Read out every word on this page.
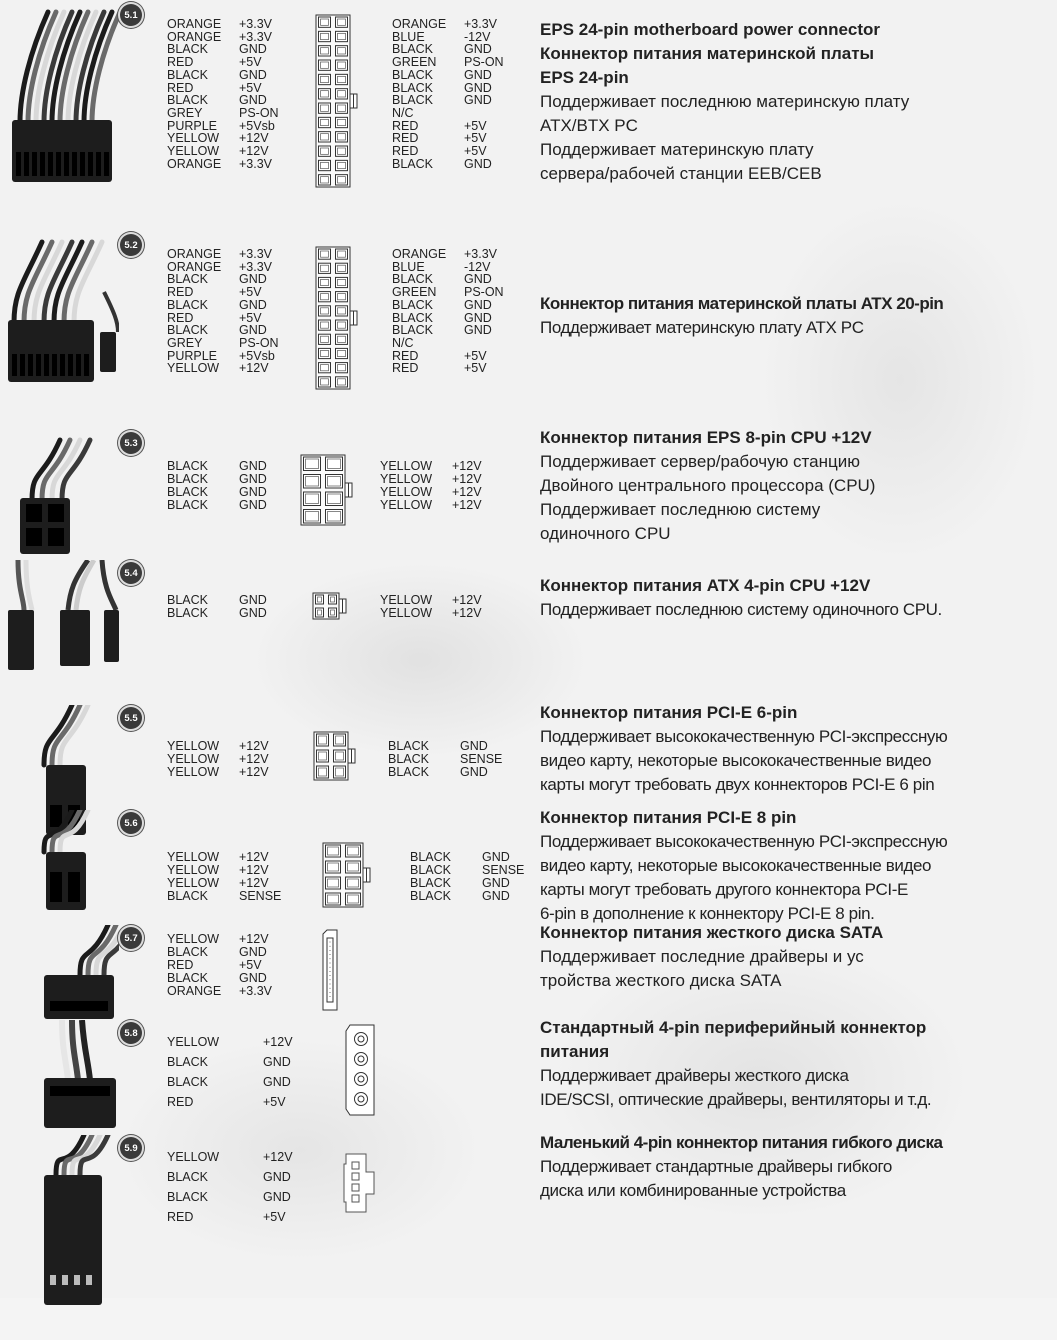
5.1
ORANGE	+3.3V
ORANGE	+3.3V
BLACK	GND
RED	+5V
BLACK	GND
RED	+5V
BLACK	GND
GREY	PS-ON
PURPLE	+5Vsb
YELLOW	+12V
YELLOW	+12V
ORANGE	+3.3V
ORANGE	+3.3V
BLUE	-12V
BLACK	GND
GREEN	PS-ON
BLACK	GND
BLACK	GND
BLACK	GND
N/C
RED	+5V
RED	+5V
RED	+5V
BLACK	GND
EPS 24-pin motherboard power connector
Коннектор питания материнской платы
EPS 24-pin
Поддерживает последнюю материнскую плату
ATX/BTX PC
Поддерживает материнскую плату
сервера/рабочей станции EEB/CEB
5.2
ORANGE	+3.3V
ORANGE	+3.3V
BLACK	GND
RED	+5V
BLACK	GND
RED	+5V
BLACK	GND
GREY	PS-ON
PURPLE	+5Vsb
YELLOW	+12V
ORANGE	+3.3V
BLUE	-12V
BLACK	GND
GREEN	PS-ON
BLACK	GND
BLACK	GND
BLACK	GND
N/C
RED	+5V
RED	+5V
Коннектор питания материнской платы ATX 20-pin
Поддерживает материнскую плату ATX PC
5.3
BLACK	GND
BLACK	GND
BLACK	GND
BLACK	GND
YELLOW	+12V
YELLOW	+12V
YELLOW	+12V
YELLOW	+12V
Коннектор питания EPS 8-pin CPU +12V
Поддерживает сервер/рабочую станцию
Двойного центрального процессора (CPU)
Поддерживает последнюю систему
одиночного CPU
5.4
BLACK	GND
BLACK	GND
YELLOW	+12V
YELLOW	+12V
Коннектор питания ATX 4-pin CPU +12V
Поддерживает последнюю систему одиночного CPU.
5.5
YELLOW	+12V
YELLOW	+12V
YELLOW	+12V
BLACK	GND
BLACK	SENSE
BLACK	GND
Коннектор питания PCI-E 6-pin
Поддерживает высококачественную PCI-экспрессную
видео карту, некоторые высококачественные видео
карты могут требовать двух коннекторов PCI-E 6 pin
5.6
YELLOW	+12V
YELLOW	+12V
YELLOW	+12V
BLACK	SENSE
BLACK	GND
BLACK	SENSE
BLACK	GND
BLACK	GND
Коннектор питания PCI-E 8 pin
Поддерживает высококачественную PCI-экспрессную
видео карту, некоторые высококачественные видео
карты могут требовать другого коннектора PCI-E
6-pin в дополнение к коннектору PCI-E 8 pin.
5.7	YELLOW	+12V
BLACK	GND
RED	+5V
BLACK	GND
ORANGE	+3.3V
Коннектор питания жесткого диска SATA
Поддерживает последние драйверы и ус
тройства жесткого диска SATA
5.8
YELLOW	+12V
BLACK	GND
BLACK	GND
RED	+5V
Стандартный 4-pin периферийный коннектор
питания
Поддерживает драйверы жесткого диска
IDE/SCSI, оптические драйверы, вентиляторы и т.д.
5.9
YELLOW	+12V
BLACK	GND
BLACK	GND
RED	+5V
Маленький 4-pin коннектор питания гибкого диска
Поддерживает стандартные драйверы гибкого
диска или комбинированные устройства
